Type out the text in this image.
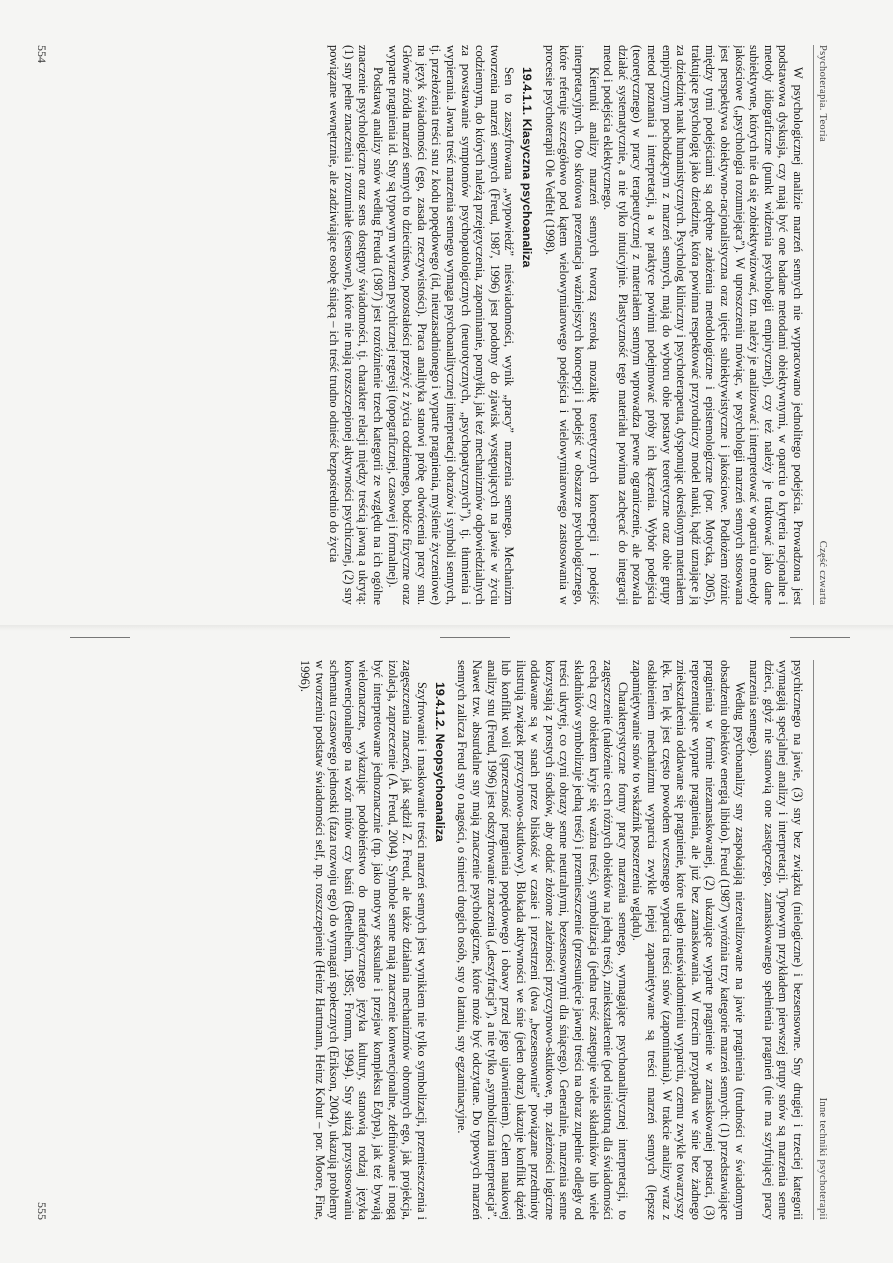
Psychoterapia. Teoria
Część czwarta

W psychologicznej analizie marzeń sennych nie wypracowano jednolitego podejścia. Prowadzona jest podstawowa dyskusja, czy mają być one badane metodami obiektywnymi, w oparciu o kryteria racjonalne i metody idiograficzne (punkt widzenia psychologii empirycznej), czy też należy je traktować jako dane subiektywne, których nie da się zobiektywizować, tzn. należy je analizować i interpretować w oparciu o metody jakościowe („psychologia rozumiejąca”). W uproszczeniu mówiąc, w psychologii marzeń sennych stosowana jest perspektywa obiektywno-racjonalistyczna oraz ujęcie subiektywistyczne i jakościowe. Podłożem różnic między tymi podejściami są odrębne założenia metodologiczne i epistemologiczne (por. Motycka, 2005), traktujące psychologię jako dziedzinę, która powinna respektować przyrodniczy model nauki, bądź uznające ją za dziedzinę nauk humanistycznych. Psycholog kliniczny i psychoterapeuta, dysponując określonym materiałem empirycznym pochodzącym z marzeń sennych, mają do wyboru obie postawy teoretyczne oraz obie grupy metod poznania i interpretacji, a w praktyce powinni podejmować próby ich łączenia. Wybór podejścia (teoretycznego) w pracy terapeutycznej z materiałem sennym wprowadza pewne ograniczenie, ale pozwala działać systematycznie, a nie tylko intuicyjnie. Plastyczność tego materiału powinna zachęcać do integracji metod i podejścia eklektycznego.

Kierunki analizy marzeń sennych tworzą szeroką mozaikę teoretycznych koncepcji i podejść interpretacyjnych. Oto skrótowa prezentacja ważniejszych koncepcji i podejść w obszarze psychologicznego, które referuje szczegółowo pod kątem wielowymiarowego podejścia i wielowymiarowego zastosowania w procesie psychoterapii Ole Vedfelt (1998).

19.4.1.1. Klasyczna psychoanaliza

Sen to zaszyfrowana „wypowiedź” nieświadomości, wynik „pracy” marzenia sennego. Mechanizm tworzenia marzeń sennych (Freud, 1987, 1996) jest podobny do zjawisk występujących na jawie w życiu codziennym, do których należą przejęzyczenia, zapominanie, pomyłki, jak też mechanizmów odpowiedzialnych za powstawanie symptomów psychopatologicznych (neurotycznych, „psychopatycznych”), tj. tłumienia i wypierania. Jawna treść marzenia sennego wymaga psychoanalitycznej interpretacji obrazów i symboli sennych, tj. przełożenia treści snu z kodu popędowego (id, nieuzasadnionego i wyparte pragnienia, myślenie życzeniowe) na język świadomości (ego, zasada rzeczywistości). Praca analityka stanowi próbę odwrócenia pracy snu. Główne źródła marzeń sennych to dzieciństwo, pozostałości przeżyć z życia codziennego, bodźce fizyczne oraz wyparte pragnienia id. Sny są typowym wyrazem psychicznej regresji (topograficznej, czasowej i formalnej).

Podstawą analizy snów według Freuda (1987) jest rozróżnienie trzech kategorii ze względu na ich ogólne znaczenie psychologiczne oraz sens dostępny świadomości, tj. charakter relacji między treścią jawną a ukrytą: (1) sny pełne znaczenia i zrozumiałe (sensowne), które nie mają rozszczepionej aktywności psychicznej, (2) sny powiązane wewnętrznie, ale zadziwiające osobę śniącą – ich treść trudno odnieść bezpośrednio do życia

554
Inne techniki psychoterapii

psychicznego na jawie, (3) sny bez związku (nielogiczne) i bezsensowne. Sny drugiej i trzeciej kategorii wymagają specjalnej analizy i interpretacji. Typowym przykładem pierwszej grupy snów są marzenia senne dzieci, gdyż nie stanowią one zastępczego, zamaskowanego spełnienia pragnień (nie ma szyfrującej pracy marzenia sennego).

Według psychoanalizy sny zaspokajają niezrealizowane na jawie pragnienia (trudności w świadomym obsadzeniu obiektów energią libido). Freud (1987) wyróżnia trzy kategorie marzeń sennych: (1) przedstawiające pragnienia w formie niezamaskowanej, (2) ukazujące wyparte pragnienie w zamaskowanej postaci, (3) reprezentujące wyparte pragnienia, ale już bez zamaskowania. W trzecim przypadku we śnie bez żadnego zniekształcenia oddawane się pragnienie, które uległo nieuświadomieniu wyparciu, czemu zwykle towarzyszy lęk. Ten lęk jest często powodem wczesnego wyparcia treści snów (zapominania). W trakcie analizy wraz z osłabieniem mechanizmu wyparcia zwykle lepiej zapamiętywane są treści marzeń sennych (lepsze zapamiętywanie snów to wskaźnik poszerzenia wglądu).

Charakterystyczne formy pracy marzenia sennego, wymagające psychoanalitycznej interpretacji, to zagęszczenie (nałożenie cech różnych obiektów na jedną treść), zniekształcenie (pod nieistotną dla świadomości cechą czy obiektem kryje się ważna treść), symbolizacja (jedna treść zastępuje wiele składników lub wiele składników symbolizuje jedną treść) i przemieszczenie (przesunięcie jawnej treści na obraz zupełnie odległy od treści ukrytej, co czyni obrazy senne neutralnymi, bezsensownymi dla śniącego). Generalnie, marzenia senne korzystają z prostych środków, aby oddać złożone zależności przyczynowo-skutkowe, np. zależności logiczne oddawane są w snach przez bliskość w czasie i przestrzeni (dwa „bezsensownie” powiązane przedmioty ilustrują związek przyczynowo-skutkowy). Blokada aktywności we śnie (jeden obraz) ukazuje konflikt dążeń lub konflikt woli (sprzeczność pragnienia popędowego i obawy przed jego ujawnieniem). Celem naukowej analizy snu (Freud, 1996) jest odszyfrowanie znaczenia („deszyfracja”), a nie tylko „symboliczna interpretacja”. Nawet tzw. absurdalne sny mają znaczenie psychologiczne, które może być odczytane. Do typowych marzeń sennych zalicza Freud sny o nagości, o śmierci drogich osób, sny o lataniu, sny egzaminacyjne.

19.4.1.2. Neopsychoanaliza

Szyfrowanie i maskowanie treści marzeń sennych jest wynikiem nie tylko symbolizacji, przemieszczenia i zagęszczenia znaczeń, jak sądził Z. Freud, ale także działania mechanizmów obronnych ego, jak projekcja, izolacja, zaprzeczenie (A. Freud, 2004). Symbole senne mają znaczenie konwencjonalne, zdefiniowane i mogą być interpretowane jednoznacznie (np. jako motywy seksualne i przejaw kompleksu Edypa), jak też bywają wieloznaczne, wykazując podobieństwo do metaforycznego języka kultury, stanowią rodzaj języka konwencjonalnego na wzór mitów czy baśni (Bettelheim, 1985; Fromm, 1994). Sny służą przystosowaniu schematu czasowego jednostki (faza rozwoju ego) do wymagań społecznych (Erikson, 2004), ukazują problemy w tworzeniu podstaw świadomości self, np. rozszczepienie (Heinz Hartmann, Heinz Kohut – por. Moore, Fine, 1996).

555
